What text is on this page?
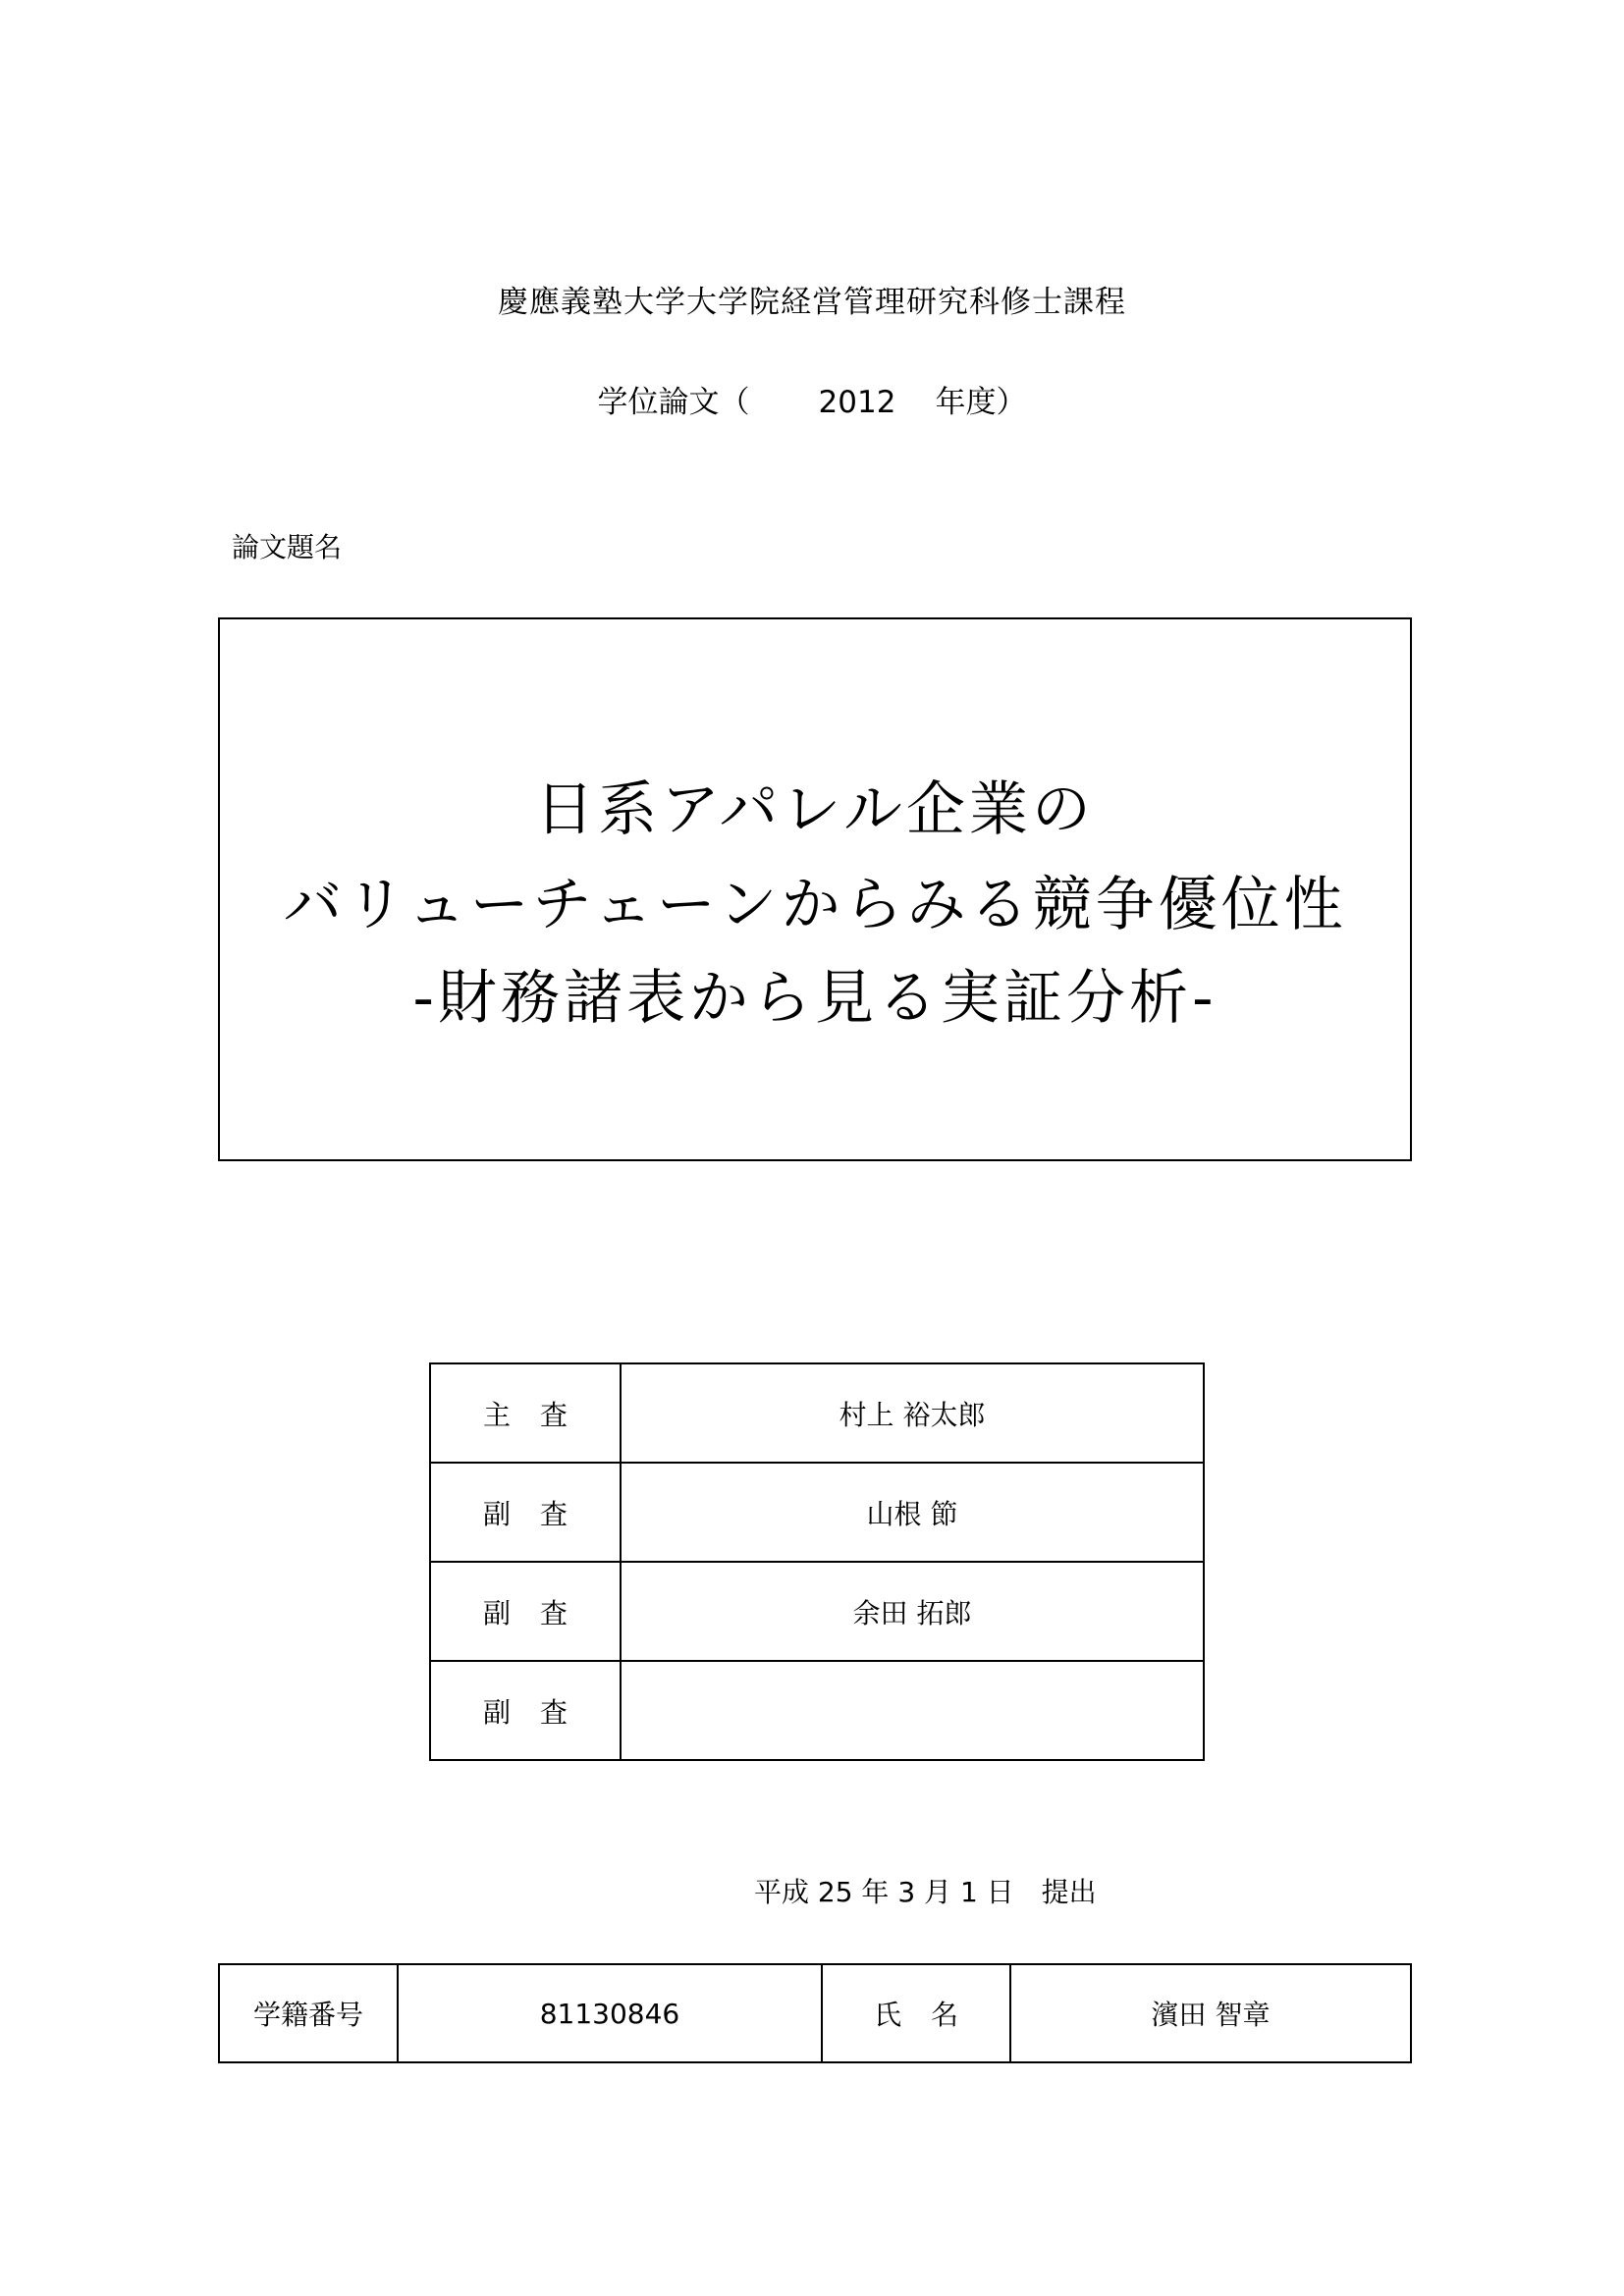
慶應義塾大学大学院経営管理研究科修士課程
学位論文（ 2012 年度）
論文題名
日系アパレル企業の
バリューチェーンからみる競争優位性
-財務諸表から見る実証分析-
主査	村上 裕太郎
副査	山根 節
副査	余田 拓郎
副査	
平成 25 年 3 月 1 日　提出
学籍番号	81130846	氏名	濱田 智章
